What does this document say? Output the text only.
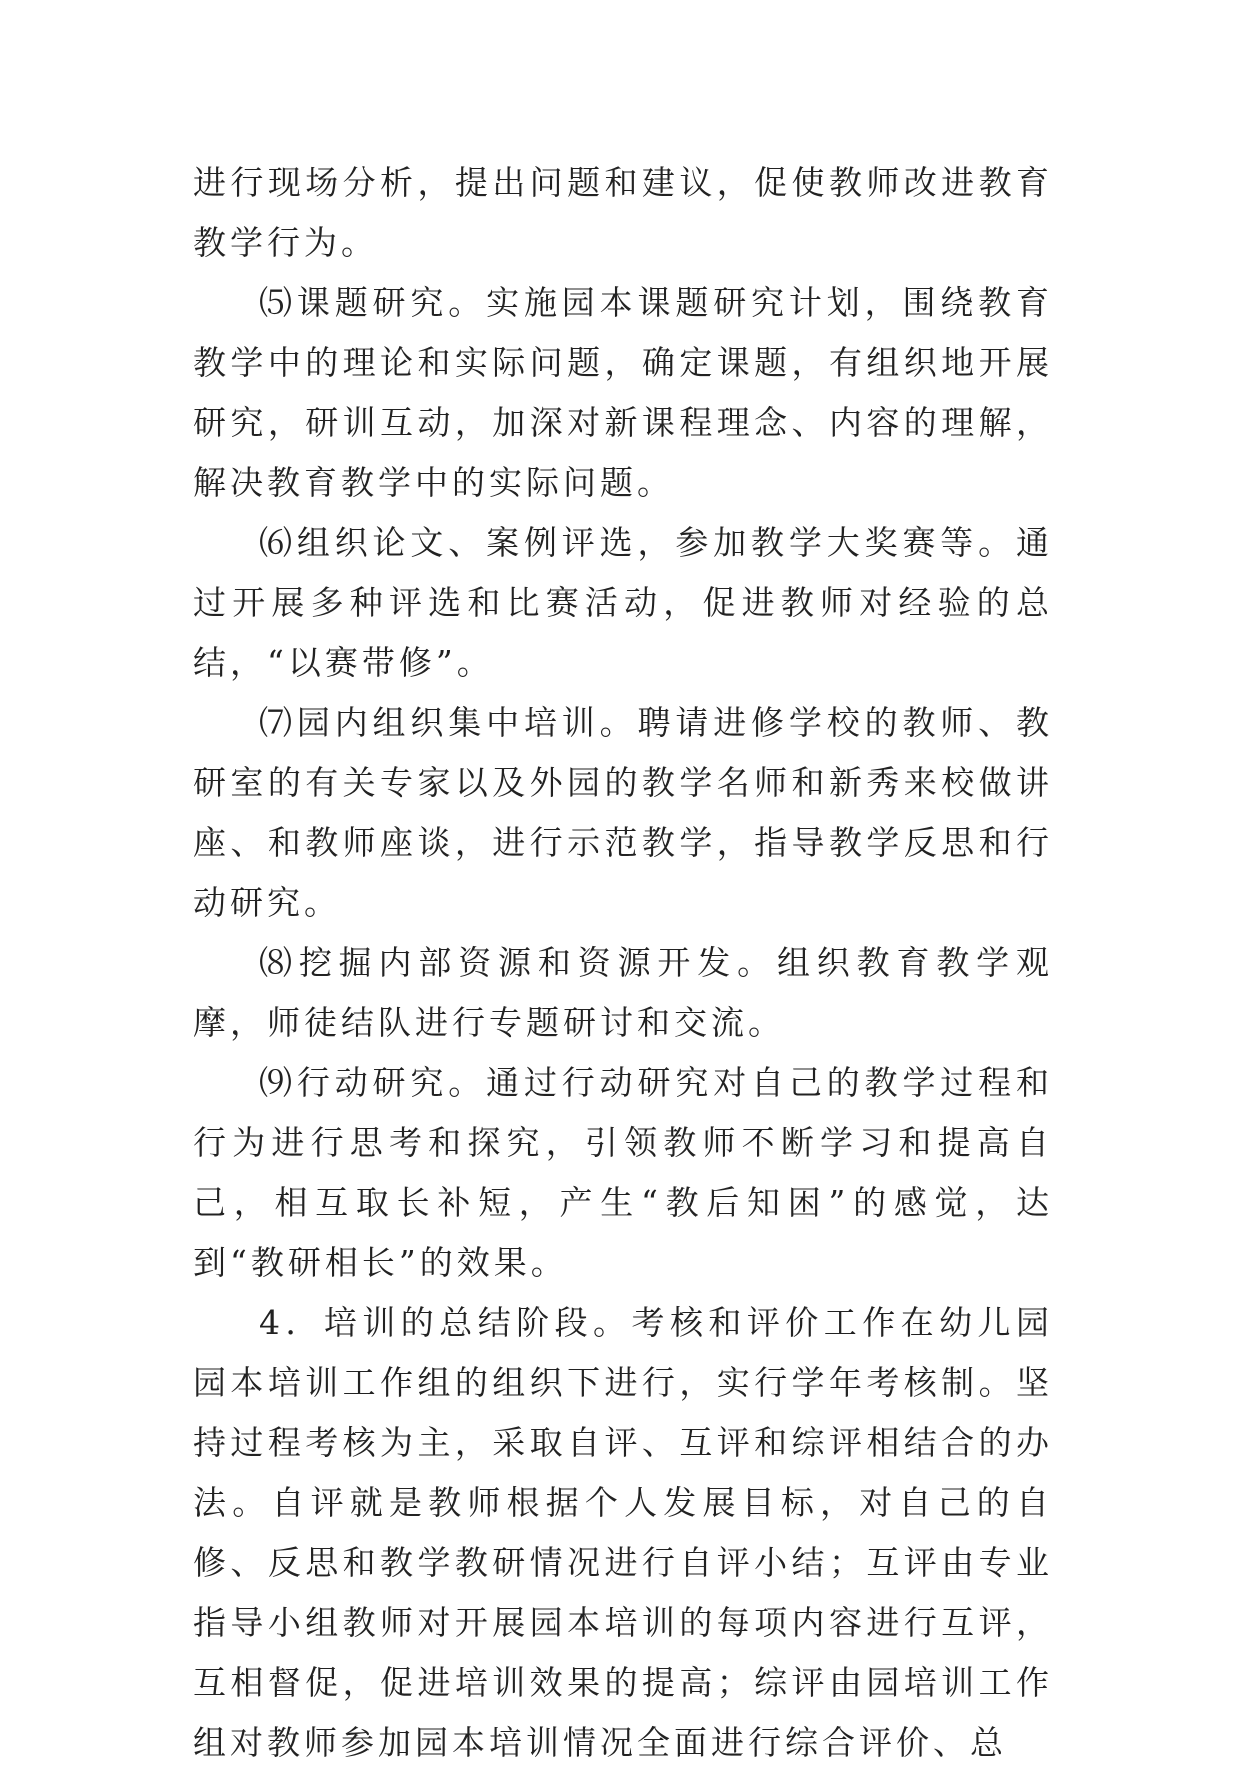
进行现场分析，提出问题和建议，促使教师改进教育教学行为。

⑸课题研究。实施园本课题研究计划，围绕教育教学中的理论和实际问题，确定课题，有组织地开展研究，研训互动，加深对新课程理念、内容的理解，解决教育教学中的实际问题。

⑹组织论文、案例评选，参加教学大奖赛等。通过开展多种评选和比赛活动，促进教师对经验的总结，“以赛带修”。

⑺园内组织集中培训。聘请进修学校的教师、教研室的有关专家以及外园的教学名师和新秀来校做讲座、和教师座谈，进行示范教学，指导教学反思和行动研究。

⑻挖掘内部资源和资源开发。组织教育教学观摩，师徒结队进行专题研讨和交流。

⑼行动研究。通过行动研究对自己的教学过程和行为进行思考和探究，引领教师不断学习和提高自己，相互取长补短，产生“教后知困”的感觉，达到“教研相长”的效果。

4．培训的总结阶段。考核和评价工作在幼儿园园本培训工作组的组织下进行，实行学年考核制。坚持过程考核为主，采取自评、互评和综评相结合的办法。自评就是教师根据个人发展目标，对自己的自修、反思和教学教研情况进行自评小结；互评由专业指导小组教师对开展园本培训的每项内容进行互评，互相督促，促进培训效果的提高；综评由园培训工作组对教师参加园本培训情况全面进行综合评价、总
